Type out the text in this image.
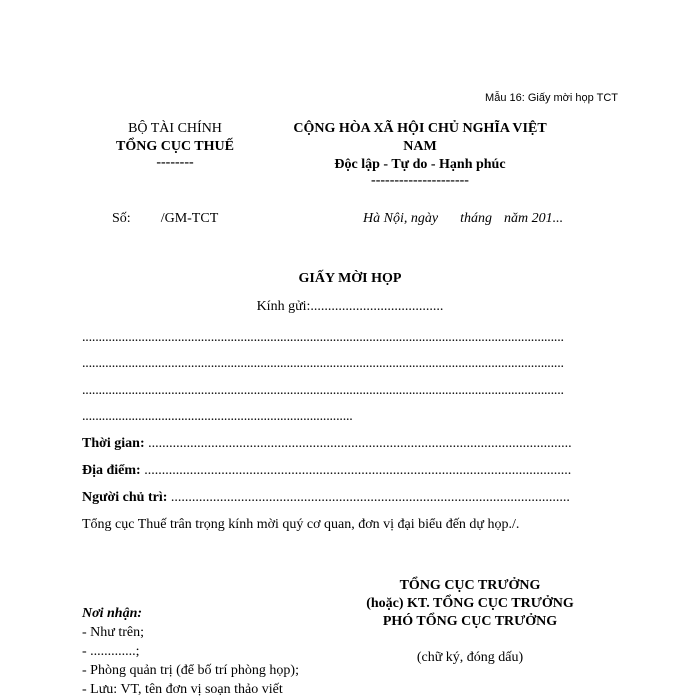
Mẫu 16: Giấy mời họp TCT
BỘ TÀI CHÍNH
TỔNG CỤC THUẾ
--------
CỘNG HÒA XÃ HỘI CHỦ NGHĨA VIỆT NAM
Độc lập - Tự do - Hạnh phúc
---------------------
Số: /GM-TCT	Hà Nội, ngày tháng năm 201...
GIẤY MỜI HỌP
Kính gửi:......................................
..................................................................................................................................................
..................................................................................................................................................
..................................................................................................................................................
..................................................................................
Thời gian: .........................................................................................................................
Địa điểm: ..........................................................................................................................
Người chủ trì: ..................................................................................................................
Tổng cục Thuế trân trọng kính mời quý cơ quan, đơn vị đại biểu đến dự họp./.
TỔNG CỤC TRƯỞNG
(hoặc) KT. TỔNG CỤC TRƯỞNG
PHÓ TỔNG CỤC TRƯỞNG
(chữ ký, đóng dấu)
Nơi nhận:
- Như trên;
- .............;
- Phòng quản trị (để bố trí phòng họp);
- Lưu: VT, tên đơn vị soạn thảo viết
